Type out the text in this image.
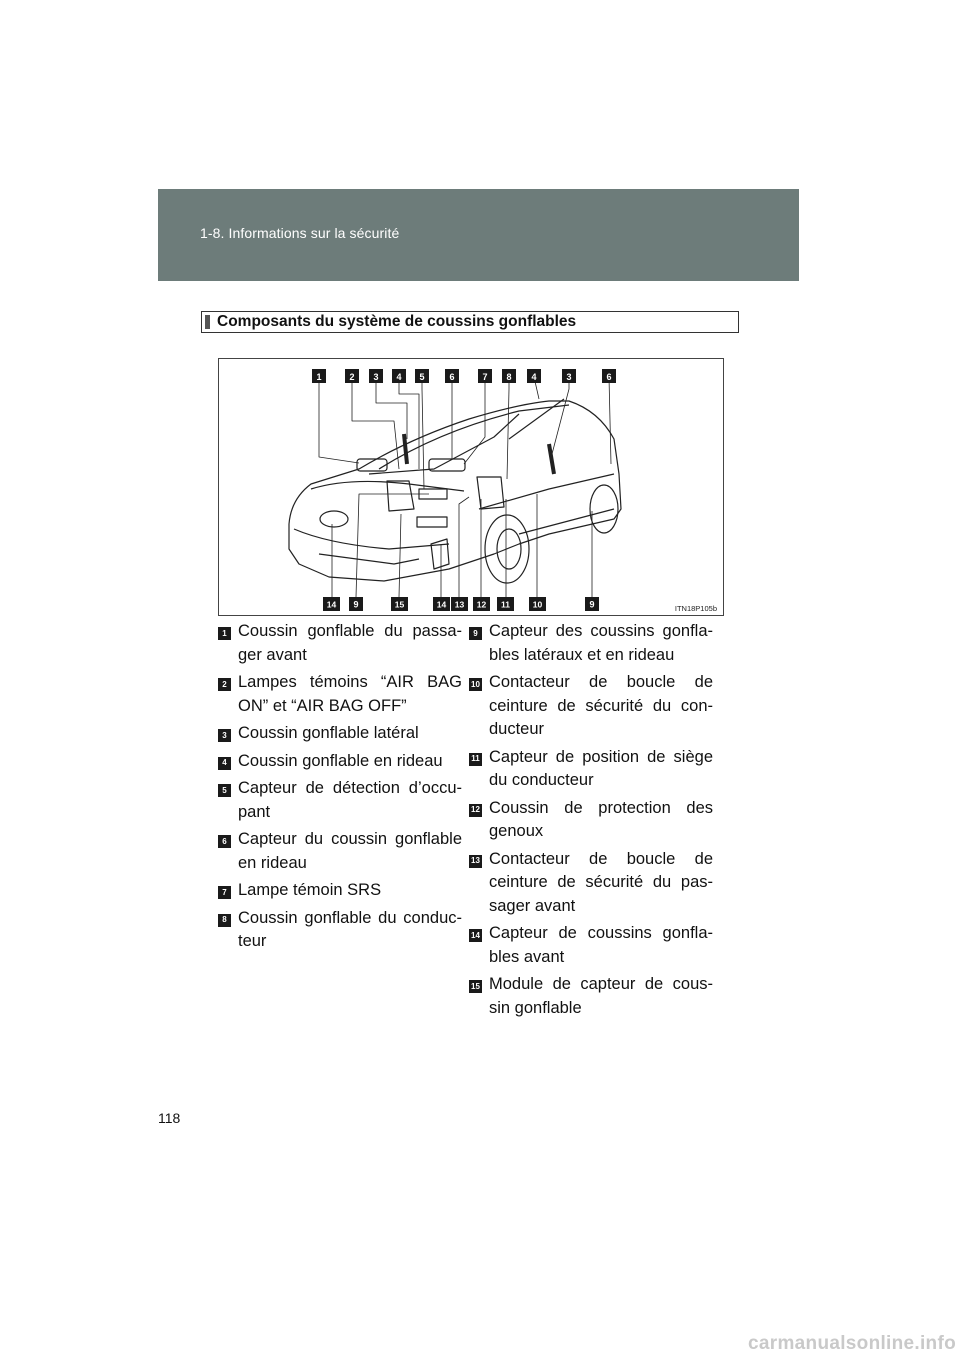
1-8. Informations sur la sécurité
Composants du système de coussins gonflables
1	2 3 4 5	6	7 8 4	3	6
14 9	15	14 13 12 11	10	9	ITN18P105b
1 Coussin gonflable du passa- ger avant
2 Lampes témoins “AIR BAG ON” et “AIR BAG OFF”
3 Coussin gonflable latéral
4 Coussin gonflable en rideau
5 Capteur de détection d’occu- pant
6 Capteur du coussin gonflable en rideau
7 Lampe témoin SRS
8 Coussin gonflable du conduc- teur
9 Capteur des coussins gonfla- bles latéraux et en rideau
10 Contacteur de boucle de ceinture de sécurité du con- ducteur
11 Capteur de position de siège du conducteur
12 Coussin de protection des genoux
13 Contacteur de boucle de ceinture de sécurité du pas- sager avant
14 Capteur de coussins gonfla- bles avant
15 Module de capteur de cous- sin gonflable
118
carmanualsonline.info
